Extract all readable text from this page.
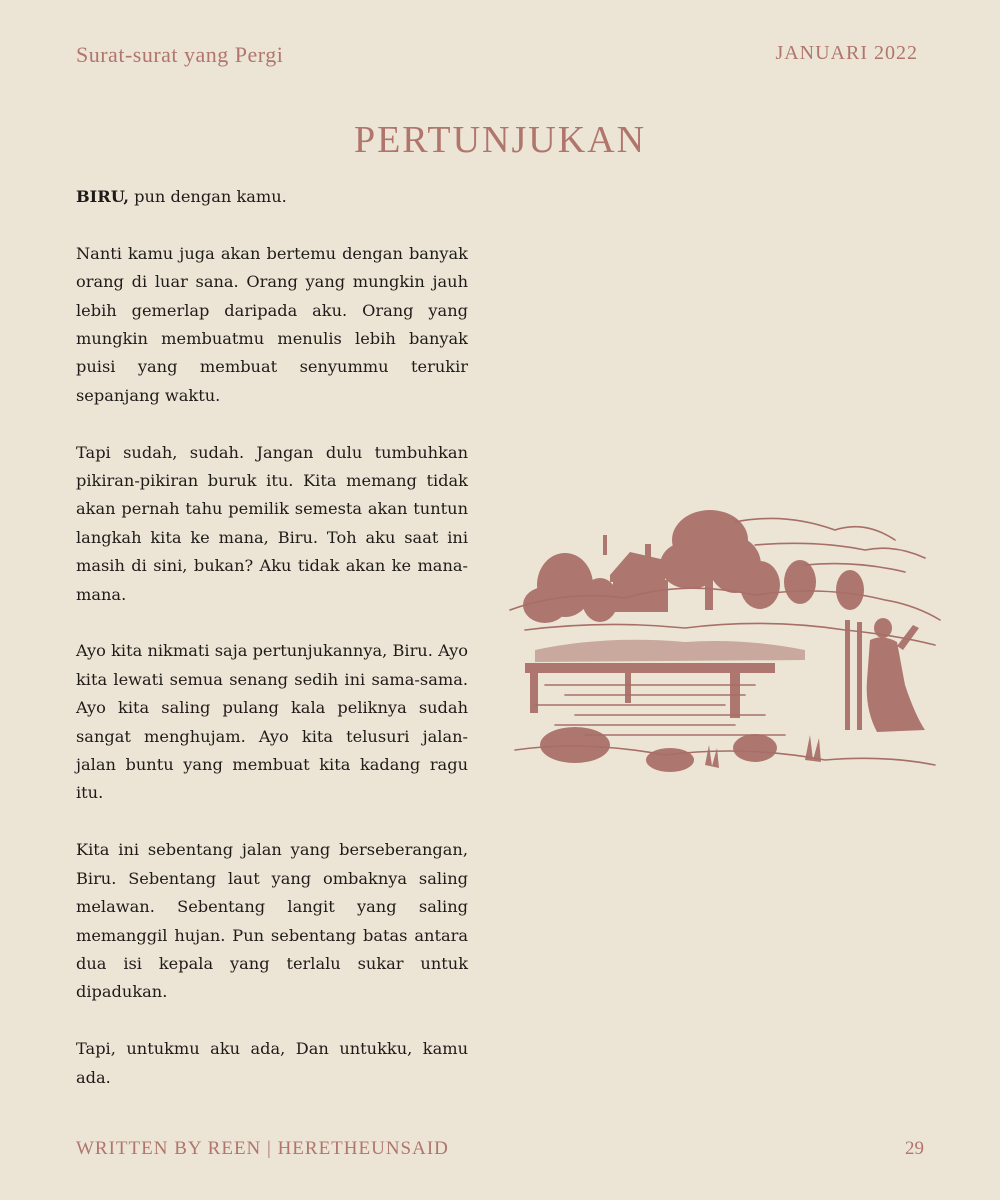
Surat-surat yang Pergi	JANUARI 2022
PERTUNJUKAN

BIRU, pun dengan kamu.

Nanti kamu juga akan bertemu dengan banyak orang di luar sana. Orang yang mungkin jauh lebih gemerlap daripada aku. Orang yang mungkin membuatmu menulis lebih banyak puisi yang membuat senyummu terukir sepanjang waktu.

Tapi sudah, sudah. Jangan dulu tumbuhkan pikiran-pikiran buruk itu. Kita memang tidak akan pernah tahu pemilik semesta akan tuntun langkah kita ke mana, Biru. Toh aku saat ini masih di sini, bukan? Aku tidak akan ke mana-mana.

Ayo kita nikmati saja pertunjukannya, Biru. Ayo kita lewati semua senang sedih ini sama-sama. Ayo kita saling pulang kala peliknya sudah sangat menghujam. Ayo kita telusuri jalan-jalan buntu yang membuat kita kadang ragu itu.

Kita ini sebentang jalan yang berseberangan, Biru. Sebentang laut yang ombaknya saling melawan. Sebentang langit yang saling memanggil hujan. Pun sebentang batas antara dua isi kepala yang terlalu sukar untuk dipadukan.

Tapi, untukmu aku ada, Dan untukku, kamu ada.

WRITTEN BY REEN | HERETHEUNSAID	29
